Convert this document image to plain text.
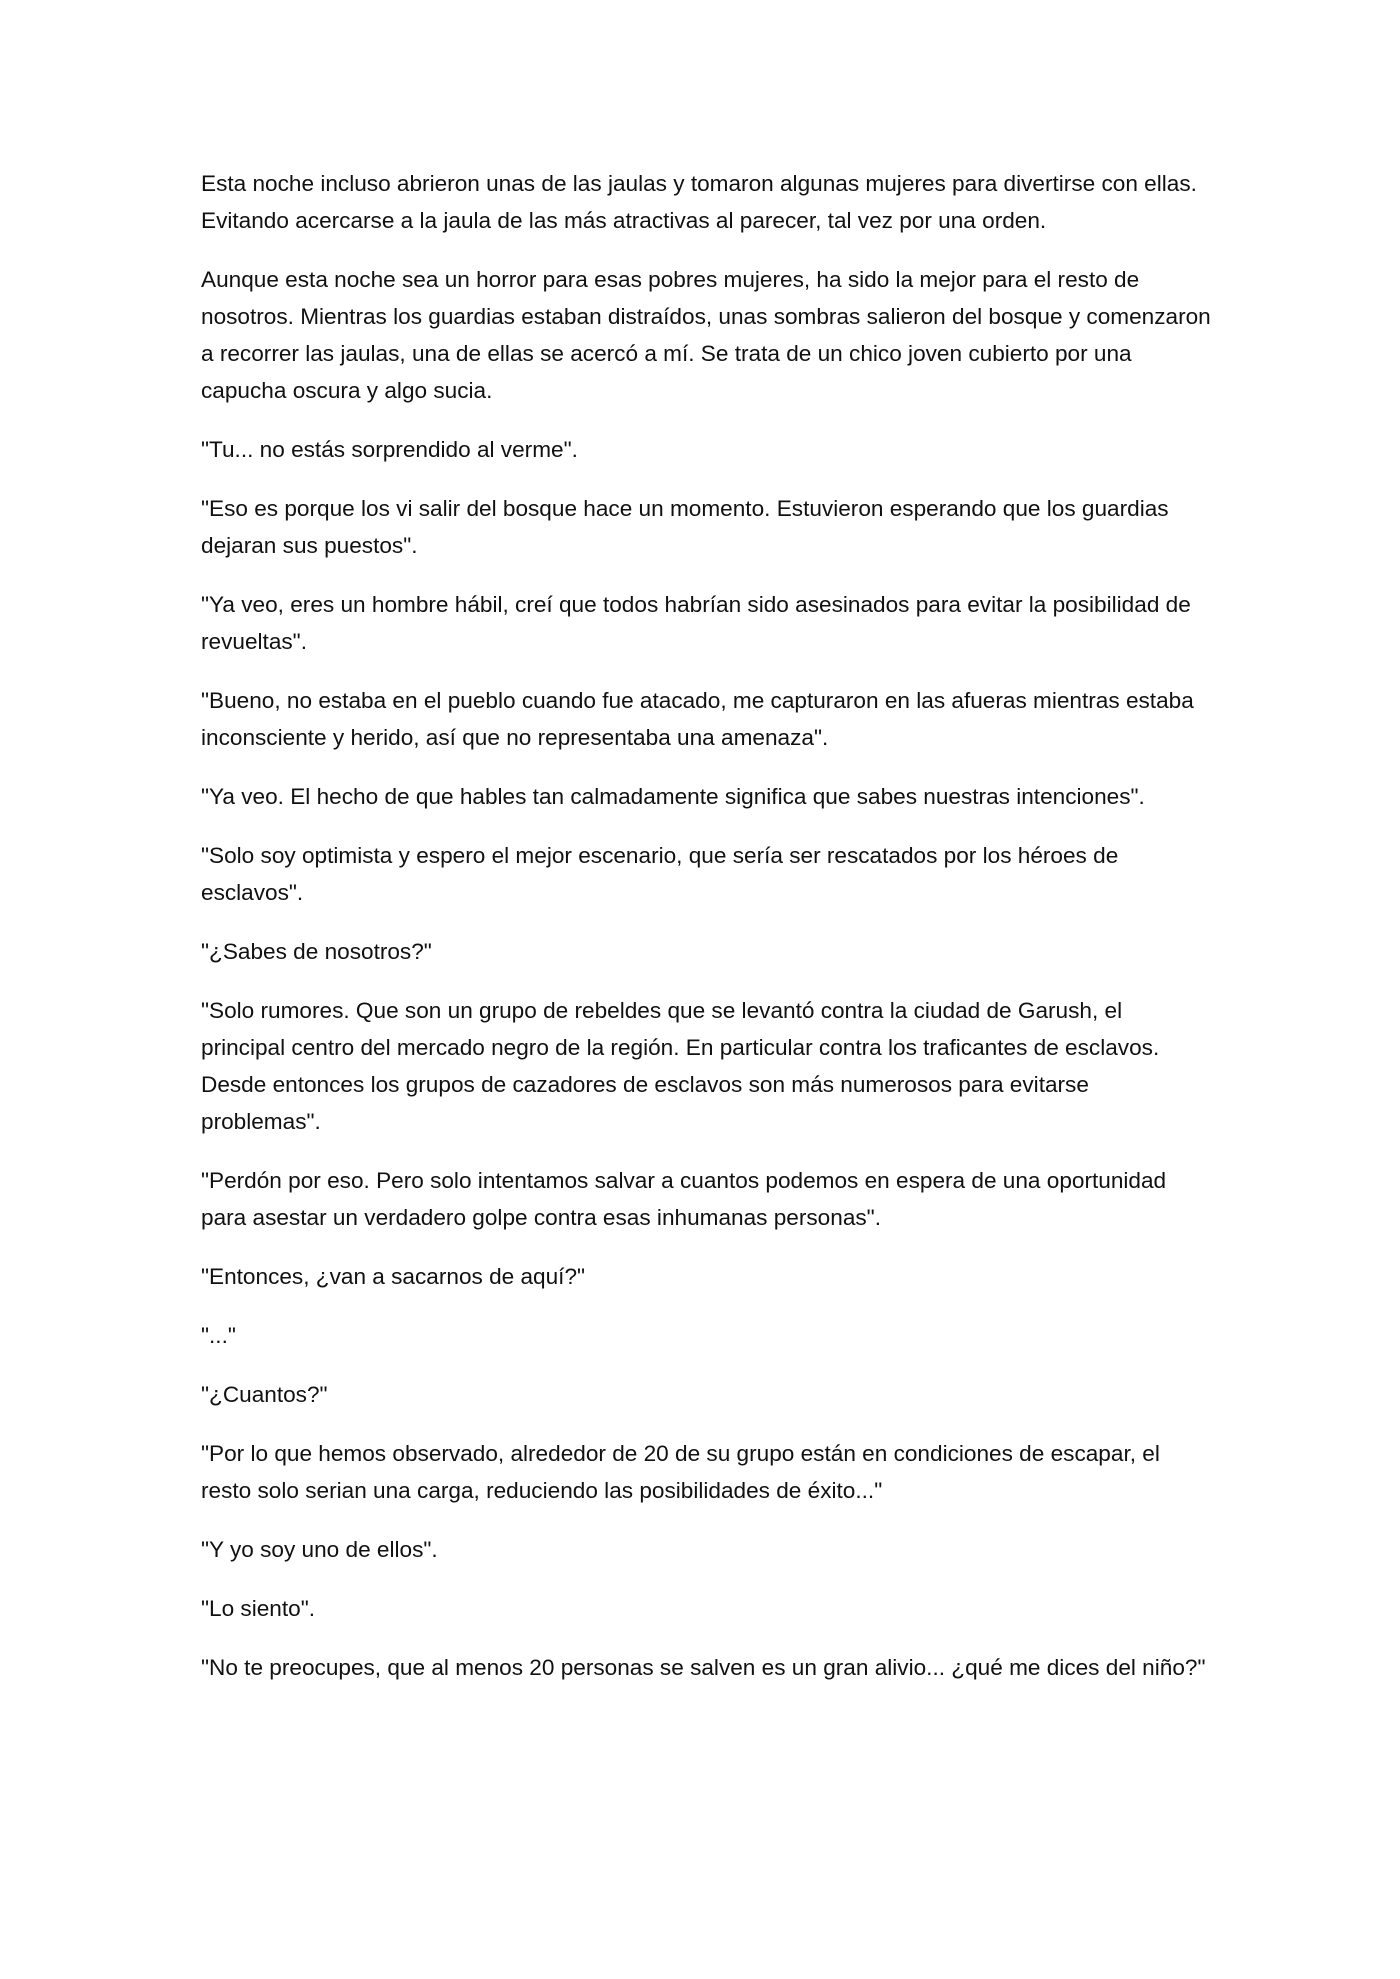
Esta noche incluso abrieron unas de las jaulas y tomaron algunas mujeres para divertirse con ellas. Evitando acercarse a la jaula de las más atractivas al parecer, tal vez por una orden.

Aunque esta noche sea un horror para esas pobres mujeres, ha sido la mejor para el resto de nosotros. Mientras los guardias estaban distraídos, unas sombras salieron del bosque y comenzaron a recorrer las jaulas, una de ellas se acercó a mí. Se trata de un chico joven cubierto por una capucha oscura y algo sucia.

"Tu... no estás sorprendido al verme".

"Eso es porque los vi salir del bosque hace un momento. Estuvieron esperando que los guardias dejaran sus puestos".

"Ya veo, eres un hombre hábil, creí que todos habrían sido asesinados para evitar la posibilidad de revueltas".

"Bueno, no estaba en el pueblo cuando fue atacado, me capturaron en las afueras mientras estaba inconsciente y herido, así que no representaba una amenaza".

"Ya veo. El hecho de que hables tan calmadamente significa que sabes nuestras intenciones".

"Solo soy optimista y espero el mejor escenario, que sería ser rescatados por los héroes de esclavos".

"¿Sabes de nosotros?"

"Solo rumores. Que son un grupo de rebeldes que se levantó contra la ciudad de Garush, el principal centro del mercado negro de la región. En particular contra los traficantes de esclavos. Desde entonces los grupos de cazadores de esclavos son más numerosos para evitarse problemas".

"Perdón por eso. Pero solo intentamos salvar a cuantos podemos en espera de una oportunidad para asestar un verdadero golpe contra esas inhumanas personas".

"Entonces, ¿van a sacarnos de aquí?"

"..."

"¿Cuantos?"

"Por lo que hemos observado, alrededor de 20 de su grupo están en condiciones de escapar, el resto solo serian una carga, reduciendo las posibilidades de éxito..."

"Y yo soy uno de ellos".

"Lo siento".

"No te preocupes, que al menos 20 personas se salven es un gran alivio... ¿qué me dices del niño?"
